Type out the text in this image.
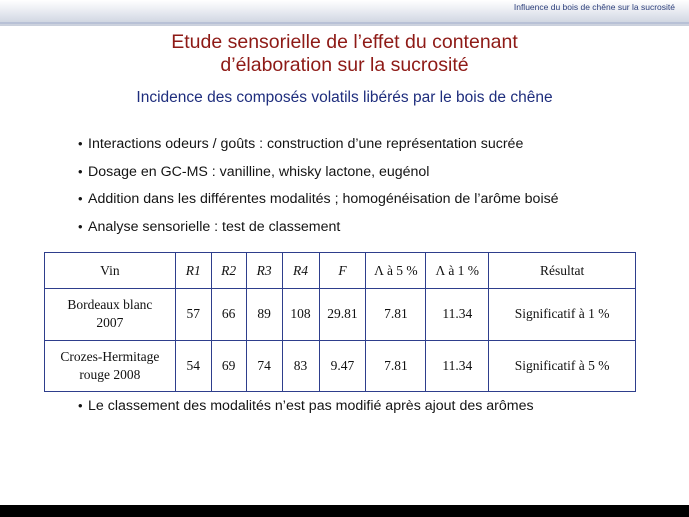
Influence du bois de chêne sur la sucrosité
Etude sensorielle de l’effet du contenant
d’élaboration sur la sucrosité
Incidence des composés volatils libérés par le bois de chêne
• Interactions odeurs / goûts : construction d’une représentation sucrée
• Dosage en GC-MS : vanilline, whisky lactone, eugénol
• Addition dans les différentes modalités ; homogénéisation de l’arôme boisé
• Analyse sensorielle : test de classement
Vin	R1	R2	R3	R4	F	Λ à 5 %	Λ à 1 %	Résultat

Bordeaux blanc
2007	57	66	89	108	29.81	7.81	11.34	Significatif à 1 %

Crozes-Hermitage
rouge 2008	54	69	74	83	9.47	7.81	11.34	Significatif à 5 %
• Le classement des modalités n’est pas modifié après ajout des arômes
